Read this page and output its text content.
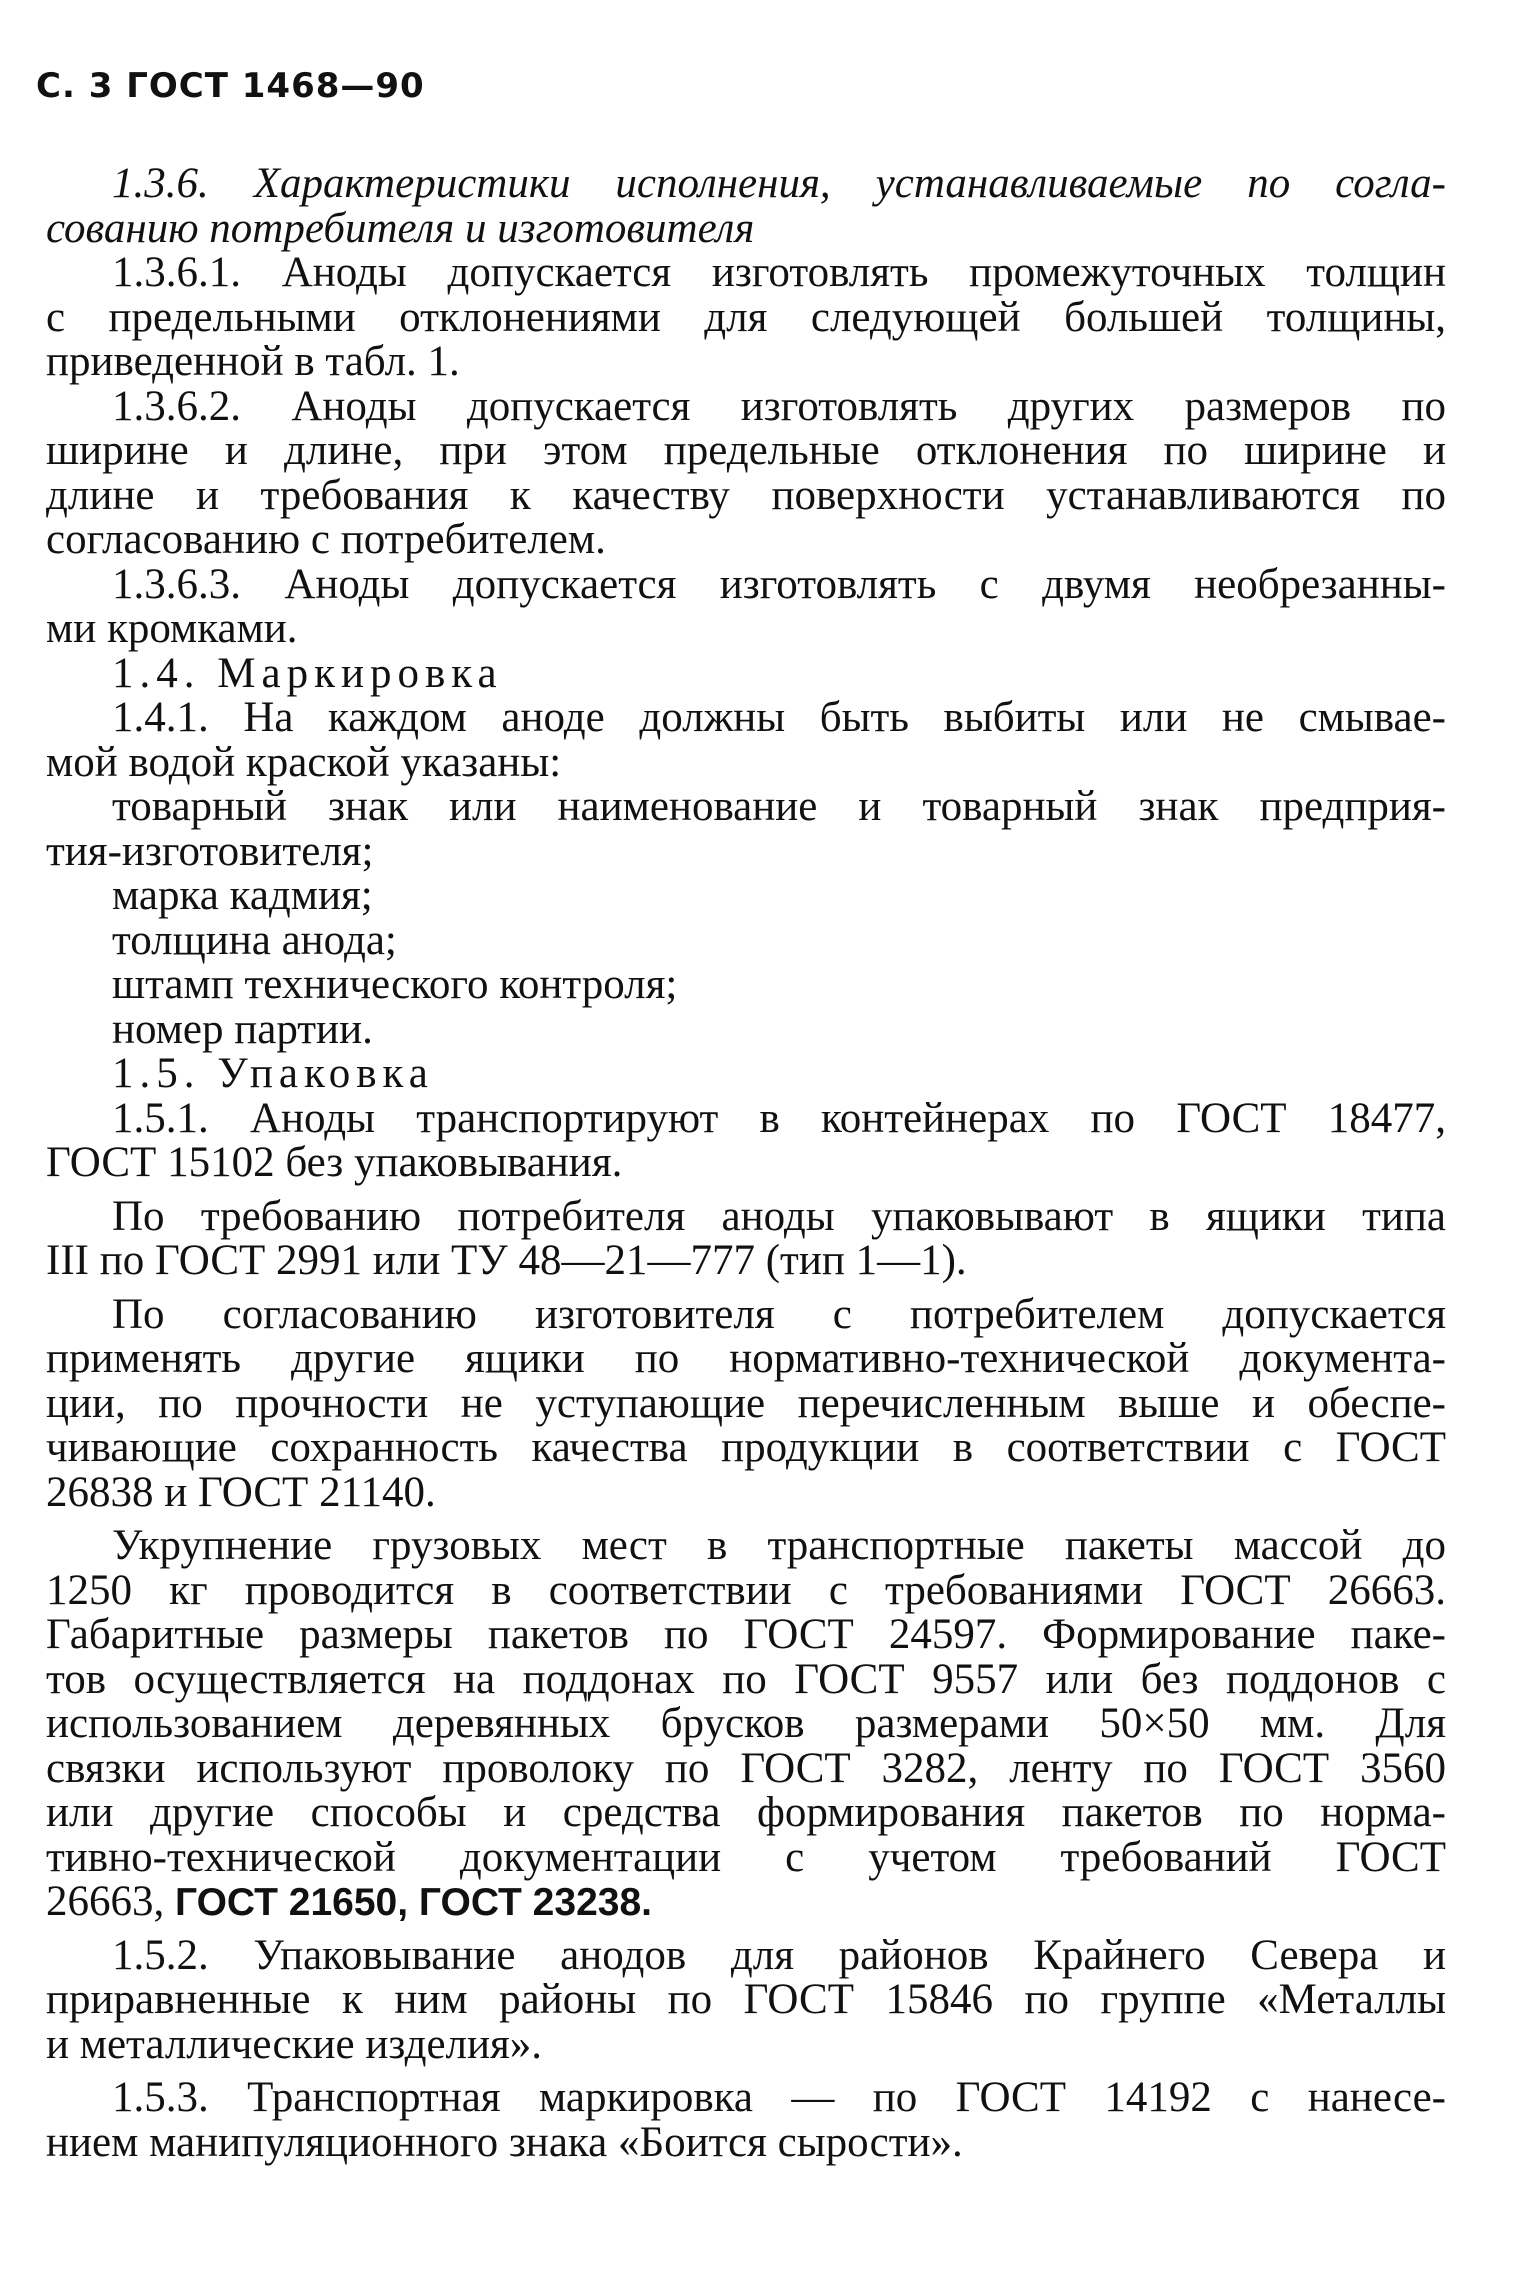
С. 3 ГОСТ 1468—90
1.3.6. Характеристики исполнения, устанавливаемые по согла-
сованию потребителя и изготовителя
1.3.6.1. Аноды допускается изготовлять промежуточных толщин
с предельными отклонениями для следующей большей толщины,
приведенной в табл. 1.
1.3.6.2. Аноды допускается изготовлять других размеров по
ширине и длине, при этом предельные отклонения по ширине и
длине и требования к качеству поверхности устанавливаются по
согласованию с потребителем.
1.3.6.3. Аноды допускается изготовлять с двумя необрезанны-
ми кромками.
1.4. Маркировка
1.4.1. На каждом аноде должны быть выбиты или не смывае-
мой водой краской указаны:
товарный знак или наименование и товарный знак предприя-
тия-изготовителя;
марка кадмия;
толщина анода;
штамп технического контроля;
номер партии.
1.5. Упаковка
1.5.1. Аноды транспортируют в контейнерах по ГОСТ 18477,
ГОСТ 15102 без упаковывания.
По требованию потребителя аноды упаковывают в ящики типа
III по ГОСТ 2991 или ТУ 48—21—777 (тип 1—1).
По согласованию изготовителя с потребителем допускается
применять другие ящики по нормативно-технической документа-
ции, по прочности не уступающие перечисленным выше и обеспе-
чивающие сохранность качества продукции в соответствии с ГОСТ
26838 и ГОСТ 21140.
Укрупнение грузовых мест в транспортные пакеты массой до
1250 кг проводится в соответствии с требованиями ГОСТ 26663.
Габаритные размеры пакетов по ГОСТ 24597. Формирование паке-
тов осуществляется на поддонах по ГОСТ 9557 или без поддонов с
использованием деревянных брусков размерами 50×50 мм. Для
связки используют проволоку по ГОСТ 3282, ленту по ГОСТ 3560
или другие способы и средства формирования пакетов по норма-
тивно-технической документации с учетом требований ГОСТ
26663, ГОСТ 21650, ГОСТ 23238.
1.5.2. Упаковывание анодов для районов Крайнего Севера и
приравненные к ним районы по ГОСТ 15846 по группе «Металлы
и металлические изделия».
1.5.3. Транспортная маркировка — по ГОСТ 14192 с нанесе-
нием манипуляционного знака «Боится сырости».
